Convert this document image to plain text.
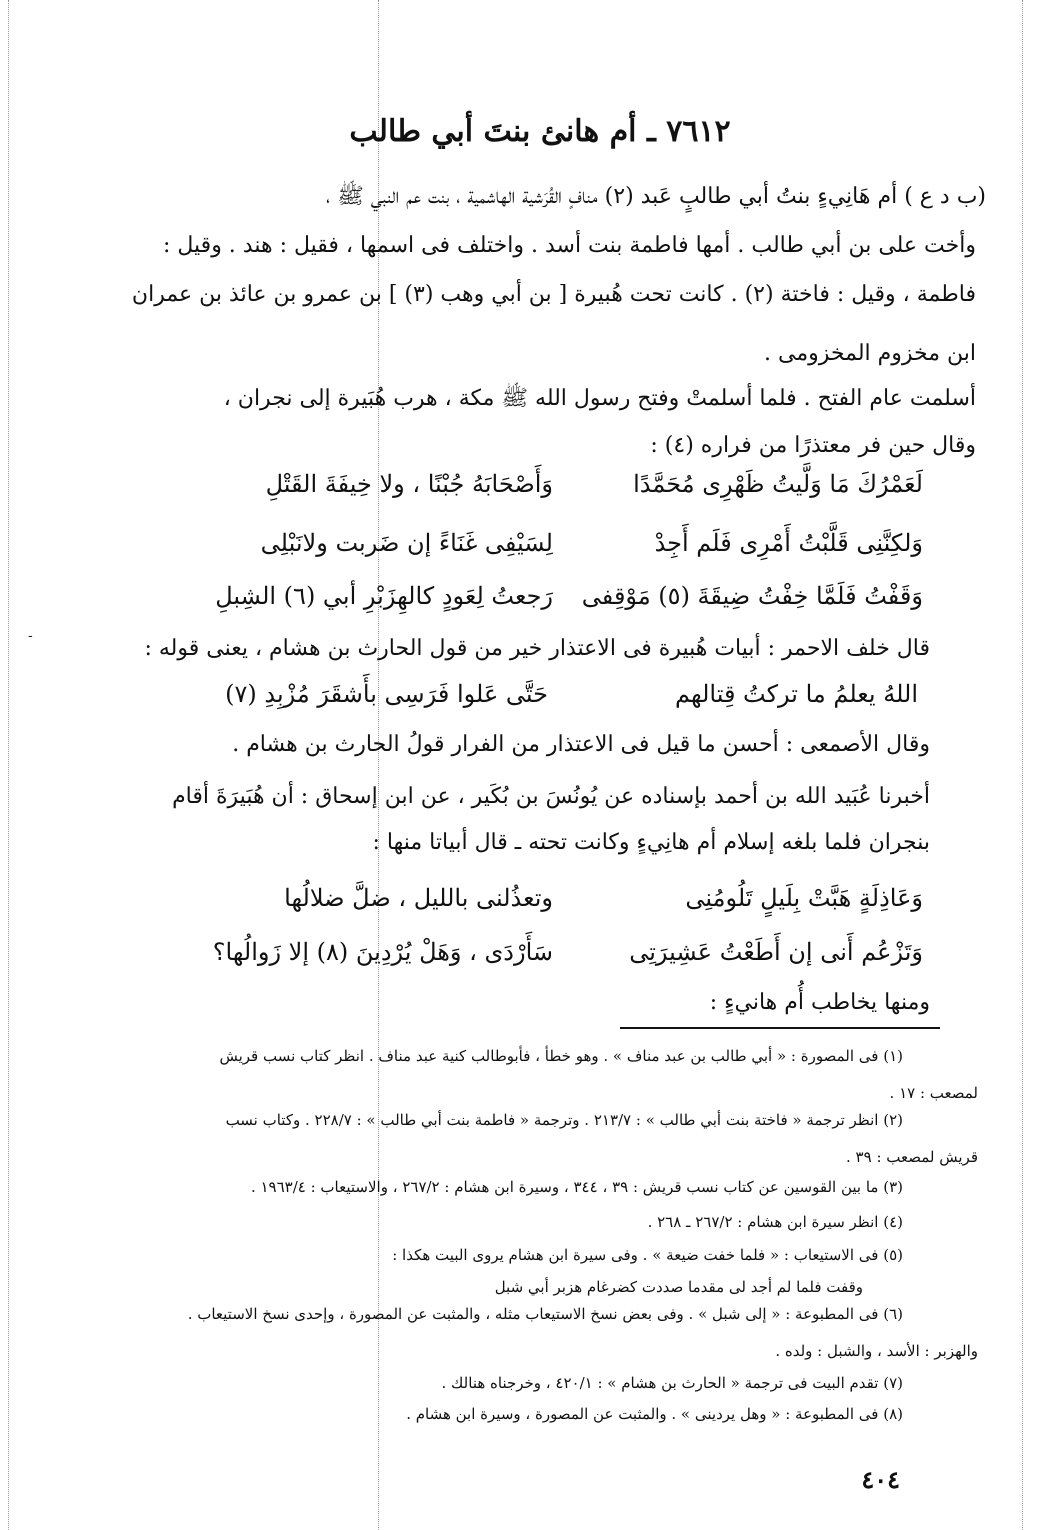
-
٧٦١٢ ـ أم هانئ بنتَ أبي طالب
(ب د ع ) أم هَانِيءٍ بنتُ أبي طالبٍ عَبد (٢) منافٍ القُرَشية الهاشمية ، بنت عم النبي ﷺ ،
وأخت على بن أبي طالب . أمها فاطمة بنت أسد . واختلف فى اسمها ، فقيل : هند . وقيل :
فاطمة ، وقيل : فاختة (٢) . كانت تحت هُبيرة [ بن أبي وهب (٣) ] بن عمرو بن عائذ بن عمران
ابن مخزوم المخزومى .
أسلمت عام الفتح . فلما أسلمتْ وفتح رسول الله ﷺ مكة ، هرب هُبَيرة إلى نجران ،
وقال حين فر معتذرًا من فراره (٤) :
لَعَمْرُكَ مَا وَلَّيتُ ظَهْرِى مُحَمَّدًا
وَأَصْحَابَهُ جُبْنًا ، ولا خِيفَةَ القَتْلِ
وَلكِنَّنِى قَلَّبْتُ أَمْرِى فَلَم أَجِدْ
لِسَيْفِى غَنَاءً إن ضَربت ولانَبْلِى
وَقَفْتُ فَلَمَّا خِفْتُ ضِيقَةَ (٥) مَوْقِفى
رَجعتُ لِعَودٍ كالهِزَبْرِ أبي (٦) الشِبلِ
قال خلف الاحمر : أبيات هُبيرة فى الاعتذار خير من قول الحارث بن هشام ، يعنى قوله :
اللهُ يعلمُ ما تركتُ قِتالهم
حَتَّى عَلوا فَرَسِى بأَشقَرَ مُزْبِدِ (٧)
وقال الأصمعى : أحسن ما قيل فى الاعتذار من الفرار قولُ الحارث بن هشام .
أخبرنا عُبَيد الله بن أحمد بإسناده عن يُونُسَ بن بُكَير ، عن ابن إسحاق : أن هُبَيرَةَ أقام
بنجران فلما بلغه إسلام أم هانِيءٍ وكانت تحته ـ قال أبياتا منها :
وَعَاذِلَةٍ هَبَّتْ بِلَيلٍ تَلُومُنِى
وتعذُلنى بالليل ، ضلَّ ضلالُها
وَتَزْعُم أَنى إن أَطَعْتُ عَشِيرَتِى
سَأَرْدَى ، وَهَلْ يُرْدِينَ (٨) إلا زَوالُها؟
ومنها يخاطب أُم هانيءٍ :
(١) فى المصورة : « أبي طالب بن عبد مناف » . وهو خطأ ، فأبوطالب كنية عبد مناف . انظر كتاب نسب قريش
لمصعب : ١٧ .
(٢) انظر ترجمة « فاختة بنت أبي طالب » : ٢١٣/٧ . وترجمة « فاطمة بنت أبي طالب » : ٢٢٨/٧ . وكتاب نسب
قريش لمصعب : ٣٩ .
(٣) ما بين القوسين عن كتاب نسب قريش : ٣٩ ، ٣٤٤ ، وسيرة ابن هشام : ٢٦٧/٢ ، والاستيعاب : ١٩٦٣/٤ .
(٤) انظر سيرة ابن هشام : ٢٦٧/٢ ـ ٢٦٨ .
(٥) فى الاستيعاب : « فلما خفت ضيعة » . وفى سيرة ابن هشام يروى البيت هكذا :
وقفت فلما لم أجد لى مقدما صددت كضرغام هزبر أبي شبل
(٦) فى المطبوعة : « إلى شبل » . وفى بعض نسخ الاستيعاب مثله ، والمثبت عن المصورة ، وإحدى نسخ الاستيعاب .
والهزبر : الأسد ، والشبل : ولده .
(٧) تقدم البيت فى ترجمة « الحارث بن هشام » : ٤٢٠/١ ، وخرجناه هنالك .
(٨) فى المطبوعة : « وهل يردينى » . والمثبت عن المصورة ، وسيرة ابن هشام .
٤٠٤
